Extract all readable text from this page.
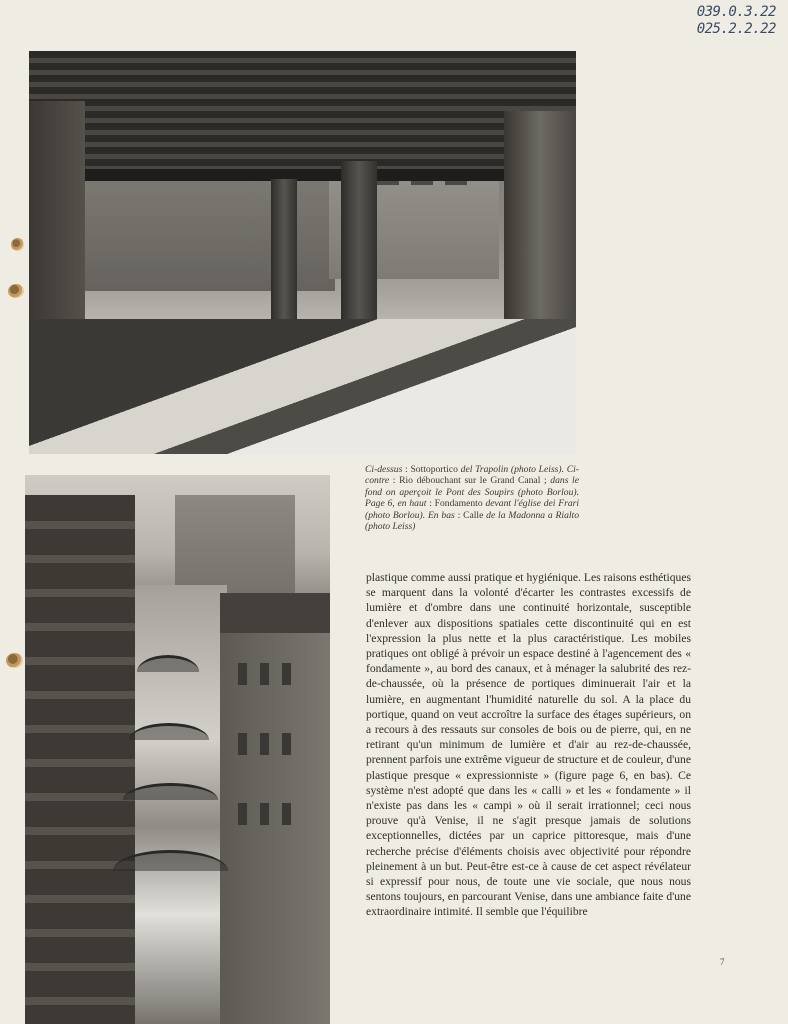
039.0.3.22
025.2.2.22
Ci-dessus : Sottoportico del Trapolin (photo Leiss). Ci-contre : Rio débouchant sur le Grand Canal ; dans le fond on aperçoit le Pont des Soupirs (photo Borlou). Page 6, en haut : Fondamento devant l'église dei Frari (photo Borlou). En bas : Calle de la Madonna a Rialto (photo Leiss)

plastique comme aussi pratique et hygiénique. Les raisons esthétiques se marquent dans la volonté d'écarter les contrastes excessifs de lumière et d'ombre dans une continuité horizontale, susceptible d'enlever aux dispositions spatiales cette discontinuité qui en est l'expression la plus nette et la plus caractéristique. Les mobiles pratiques ont obligé à prévoir un espace destiné à l'agencement des « fondamente », au bord des canaux, et à ménager la salubrité des rez-de-chaussée, où la présence de portiques diminuerait l'air et la lumière, en augmentant l'humidité naturelle du sol. A la place du portique, quand on veut accroître la surface des étages supérieurs, on a recours à des ressauts sur consoles de bois ou de pierre, qui, en ne retirant qu'un minimum de lumière et d'air au rez-de-chaussée, prennent parfois une extrême vigueur de structure et de couleur, d'une plastique presque « expressionniste » (figure page 6, en bas). Ce système n'est adopté que dans les « calli » et les « fondamente » il n'existe pas dans les « campi » où il serait irrationnel; ceci nous prouve qu'à Venise, il ne s'agit presque jamais de solutions exceptionnelles, dictées par un caprice pittoresque, mais d'une recherche précise d'éléments choisis avec objectivité pour répondre pleinement à un but. Peut-être est-ce à cause de cet aspect révélateur si expressif pour nous, de toute une vie sociale, que nous nous sentons toujours, en parcourant Venise, dans une ambiance faite d'une extraordinaire intimité. Il semble que l'équilibre

7
